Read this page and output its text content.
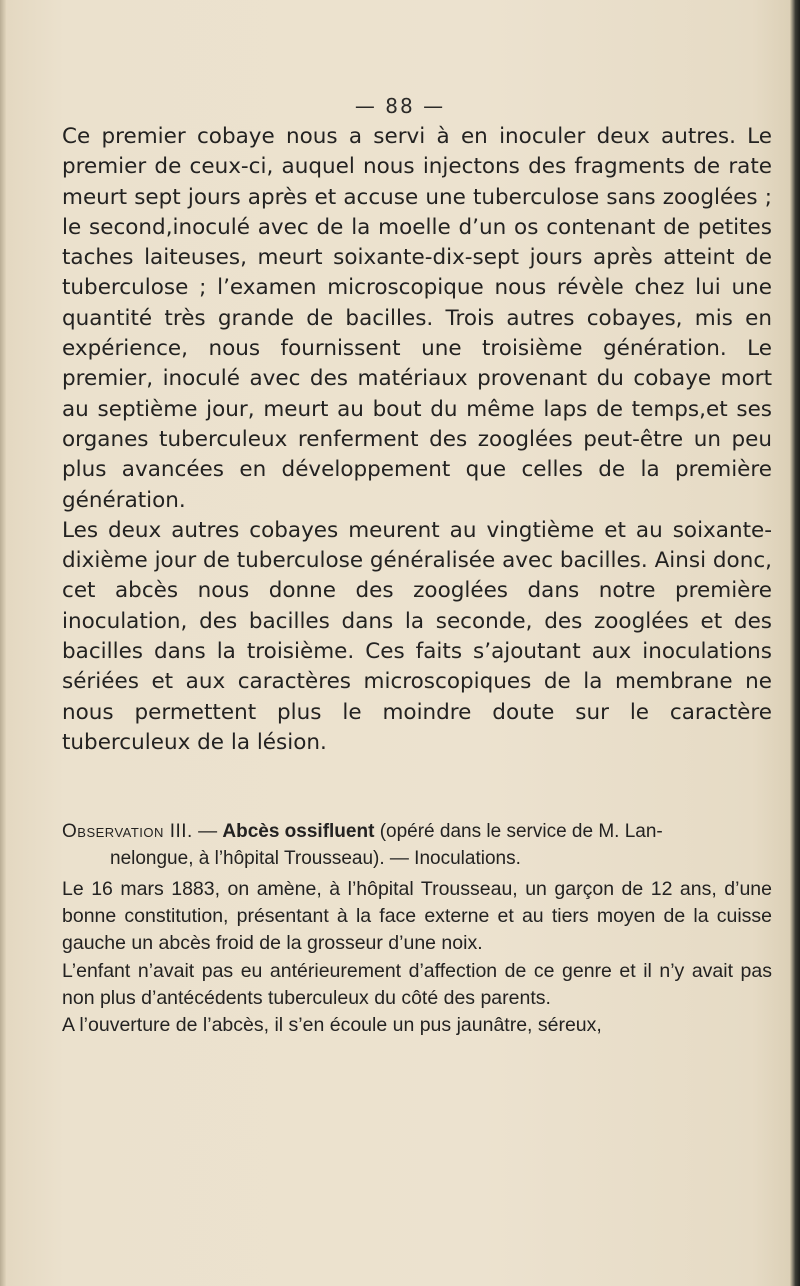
— 88 —

Ce premier cobaye nous a servi à en inoculer deux autres. Le premier de ceux-ci, auquel nous injectons des fragments de rate meurt sept jours après et accuse une tuberculose sans zooglées ; le second,inoculé avec de la moelle d’un os contenant de petites taches laiteuses, meurt soixante-dix-sept jours après atteint de tuberculose ; l’examen microscopique nous révèle chez lui une quantité très grande de bacilles. Trois autres cobayes, mis en expérience, nous fournissent une troisième génération. Le premier, inoculé avec des matériaux provenant du cobaye mort au septième jour, meurt au bout du même laps de temps,et ses organes tuberculeux renferment des zooglées peut-être un peu plus avancées en développement que celles de la première génération.

Les deux autres cobayes meurent au vingtième et au soixante-dixième jour de tuberculose généralisée avec bacilles. Ainsi donc, cet abcès nous donne des zooglées dans notre première inoculation, des bacilles dans la seconde, des zooglées et des bacilles dans la troisième. Ces faits s’ajoutant aux inoculations sériées et aux caractères microscopiques de la membrane ne nous permettent plus le moindre doute sur le caractère tuberculeux de la lésion.

Observation III. — Abcès ossifluent (opéré dans le service de M. Lan-
nelongue, à l’hôpital Trousseau). — Inoculations.

Le 16 mars 1883, on amène, à l’hôpital Trousseau, un garçon de 12 ans, d’une bonne constitution, présentant à la face externe et au tiers moyen de la cuisse gauche un abcès froid de la grosseur d’une noix.

L’enfant n’avait pas eu antérieurement d’affection de ce genre et il n’y avait pas non plus d’antécédents tuberculeux du côté des parents.

A l’ouverture de l’abcès, il s’en écoule un pus jaunâtre, séreux,
